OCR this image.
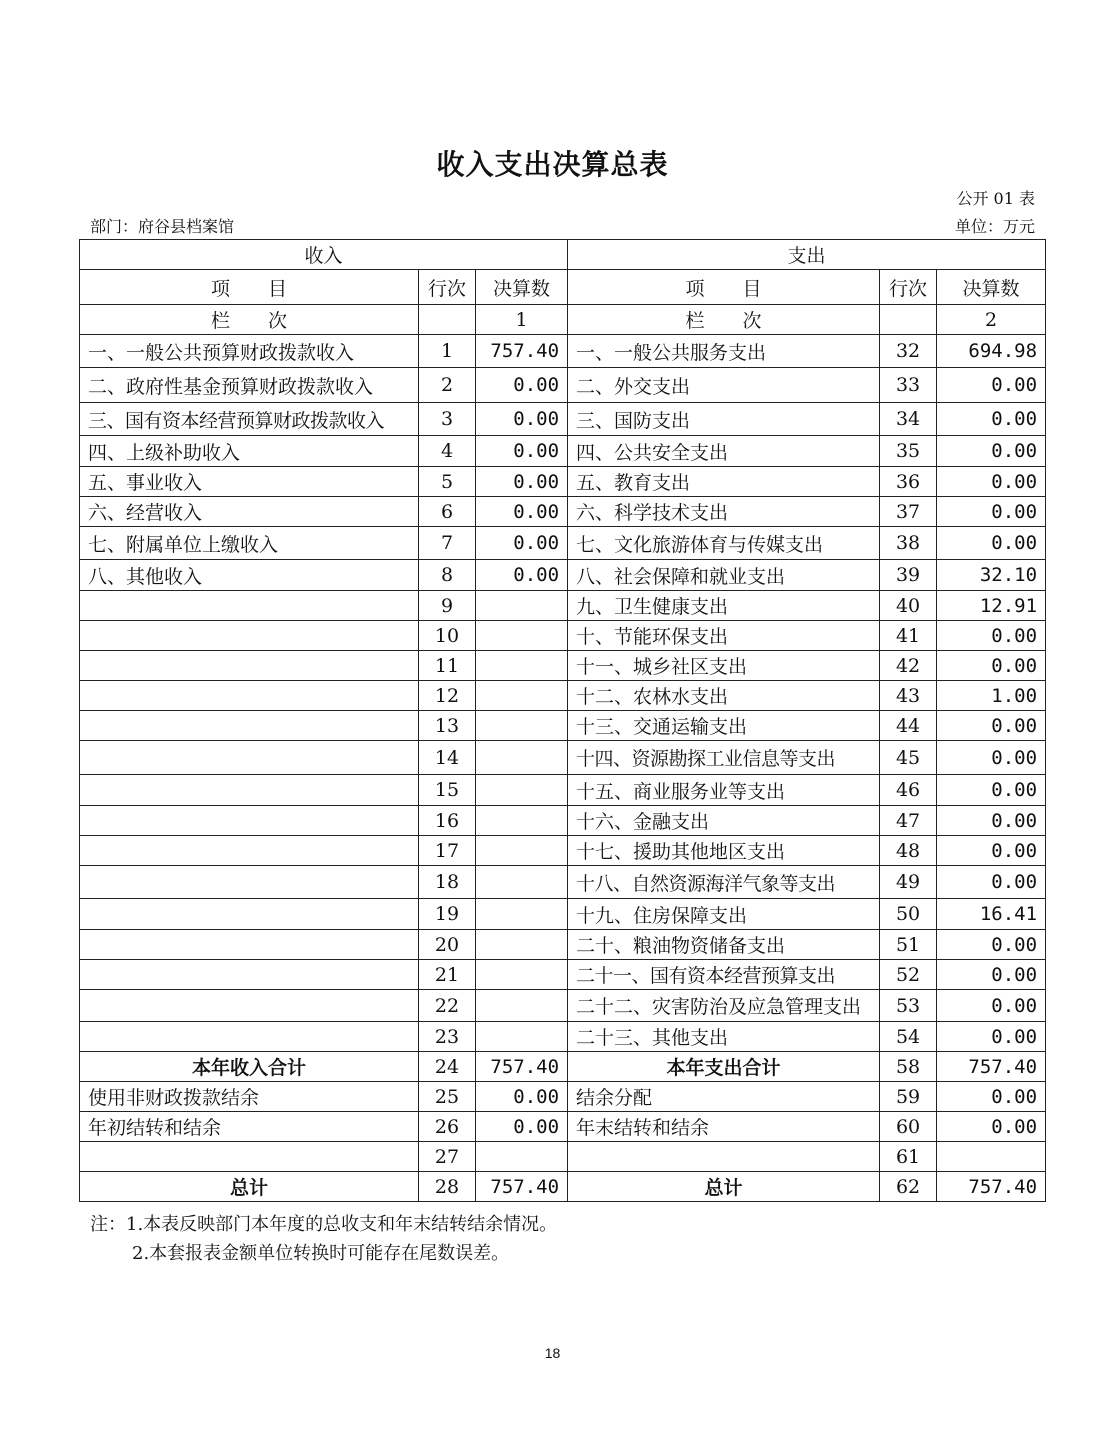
收入支出决算总表
公开 01 表
部门：府谷县档案馆	单位：万元
收入			支出		
项　　目	行次	决算数	项　　目	行次	决算数
栏　　次		1	栏　　次		2
一、一般公共预算财政拨款收入	1	757.40	一、一般公共服务支出	32	694.98
二、政府性基金预算财政拨款收入	2	0.00	二、外交支出	33	0.00
三、国有资本经营预算财政拨款收入	3	0.00	三、国防支出	34	0.00
四、上级补助收入	4	0.00	四、公共安全支出	35	0.00
五、事业收入	5	0.00	五、教育支出	36	0.00
六、经营收入	6	0.00	六、科学技术支出	37	0.00
七、附属单位上缴收入	7	0.00	七、文化旅游体育与传媒支出	38	0.00
八、其他收入	8	0.00	八、社会保障和就业支出	39	32.10
	9		九、卫生健康支出	40	12.91
	10		十、节能环保支出	41	0.00
	11		十一、城乡社区支出	42	0.00
	12		十二、农林水支出	43	1.00
	13		十三、交通运输支出	44	0.00
	14		十四、资源勘探工业信息等支出	45	0.00
	15		十五、商业服务业等支出	46	0.00
	16		十六、金融支出	47	0.00
	17		十七、援助其他地区支出	48	0.00
	18		十八、自然资源海洋气象等支出	49	0.00
	19		十九、住房保障支出	50	16.41
	20		二十、粮油物资储备支出	51	0.00
	21		二十一、国有资本经营预算支出	52	0.00
	22		二十二、灾害防治及应急管理支出	53	0.00
	23		二十三、其他支出	54	0.00
本年收入合计	24	757.40	本年支出合计	58	757.40
使用非财政拨款结余	25	0.00	结余分配	59	0.00
年初结转和结余	26	0.00	年末结转和结余	60	0.00
	27			61	
总计	28	757.40	总计	62	757.40
注：1.本表反映部门本年度的总收支和年末结转结余情况。
2.本套报表金额单位转换时可能存在尾数误差。
18
